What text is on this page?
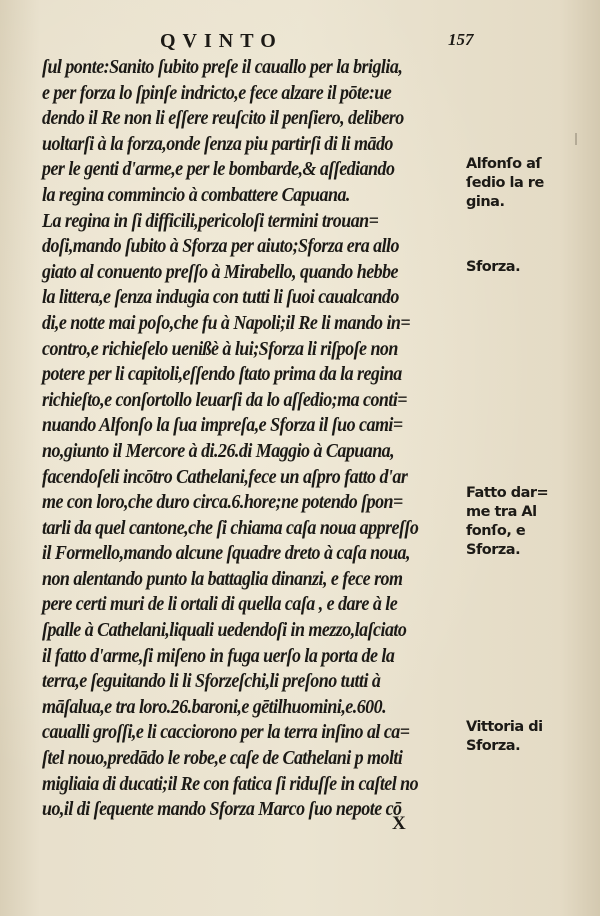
QVINTO	157
ſul ponte:Sanito ſubito preſe il cauallo per la briglia,
e per forza lo ſpinſe indricto,e fece alzare il pōte:ue
dendo il Re non li eſſere reuſcito il penſiero, delibero
uoltarſi à la forza,onde ſenza piu partirſi di li mādo
per le genti d'arme,e per le bombarde,& aſſediando
la regina commincio à combattere Capuana.
La regina in ſi difficili,pericoloſi termini trouan=
doſi,mando ſubito à Sforza per aiuto;Sforza era allo
giato al conuento preſſo à Mirabello, quando hebbe
la littera,e ſenza indugia con tutti li ſuoi caualcando
di,e notte mai poſo,che fu à Napoli;il Re li mando in=
contro,e richieſelo uenißè à lui;Sforza li riſpoſe non
potere per li capitoli,eſſendo ſtato prima da la regina
richieſto,e conſortollo leuarſi da lo aſſedio;ma conti=
nuando Alfonſo la ſua impreſa,e Sforza il ſuo cami=
no,giunto il Mercore à di.26.di Maggio à Capuana,
facendoſeli incōtro Cathelani,fece un aſpro fatto d'ar
me con loro,che duro circa.6.hore;ne potendo ſpon=
tarli da quel cantone,che ſi chiama caſa noua appreſſo
il Formello,mando alcune ſquadre dreto à caſa noua,
non alentando punto la battaglia dinanzi, e fece rom
pere certi muri de li ortali di quella caſa , e dare à le
ſpalle à Cathelani,liquali uedendoſi in mezzo,laſciato
il fatto d'arme,ſi miſeno in fuga uerſo la porta de la
terra,e ſeguitando li li Sforzeſchi,li preſono tutti à
māſaluа,e tra loro.26.baroni,e gētilhuomini,e.600.
caualli groſſi,e li caccioronο per la terra inſino al ca=
ſtel nouo,predādo le robe,e caſe de Cathelani p molti
migliaia di ducati;il Re con fatica ſi riduſſe in caſtel no
uo,il di ſequente mando Sforza Marco ſuo nepote cō
Alfonſo aſ
ſedio la re
gina.
Sforza.
Fatto dar=
me tra Al
fonſo, e
Sforza.
Vittoria di
Sforza.
X
